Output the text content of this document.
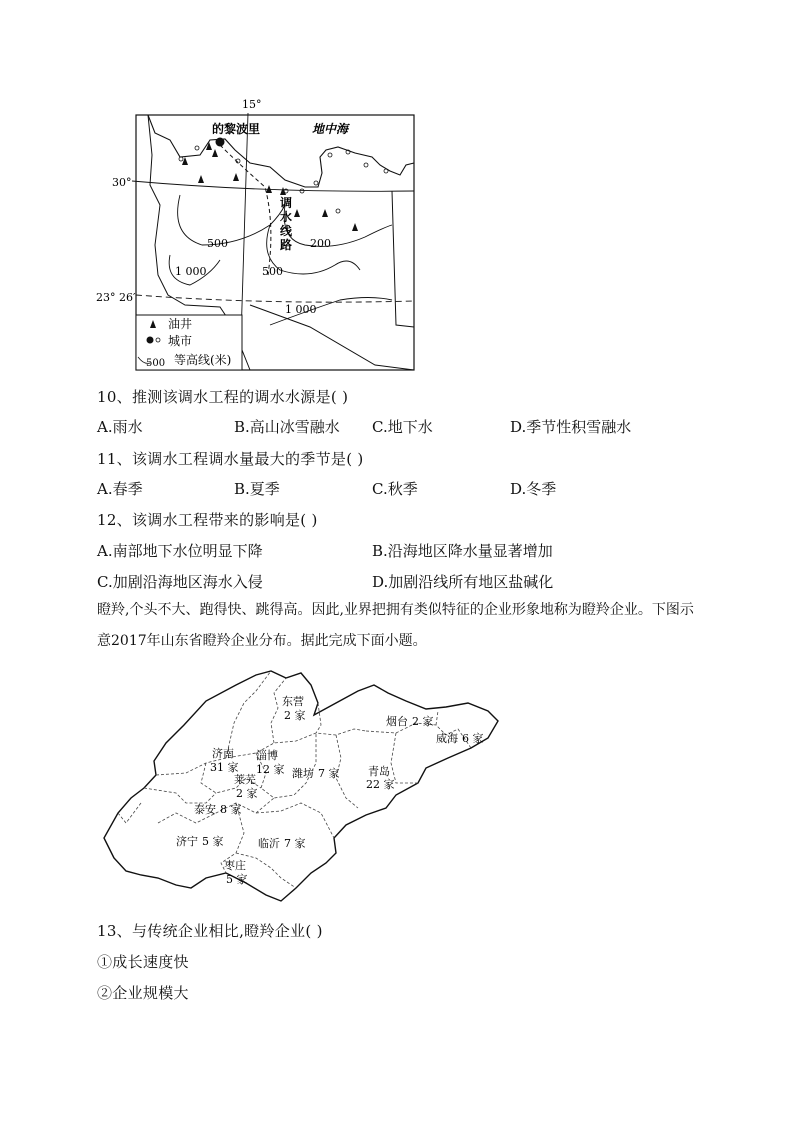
15°
30°
23° 26′
的黎波里	地中海
调
水
线
路
500	200
1 000	500
1 000
油井
城市
500 等高线(米)
10、推测该调水工程的调水水源是( )
A.雨水	B.高山冰雪融水 C.地下水	D.季节性积雪融水
11、该调水工程调水量最大的季节是( )
A.春季	B.夏季	C.秋季	D.冬季
12、该调水工程带来的影响是( )
A.南部地下水位明显下降	B.沿海地区降水量显著增加
C.加剧沿海地区海水入侵	D.加剧沿线所有地区盐碱化
瞪羚,个头不大、跑得快、跳得高。因此,业界把拥有类似特征的企业形象地称为瞪羚企业。下图示意2017年山东省瞪羚企业分布。据此完成下面小题。
东营
2 家	烟台 2 家
威海 6 家
济南
31 家
淄博
12 家
莱芜
2 家
潍坊 7 家	青岛
22 家
泰安 8 家
济宁 5 家	临沂 7 家
枣庄
5 家
13、与传统企业相比,瞪羚企业( )
①成长速度快
②企业规模大
